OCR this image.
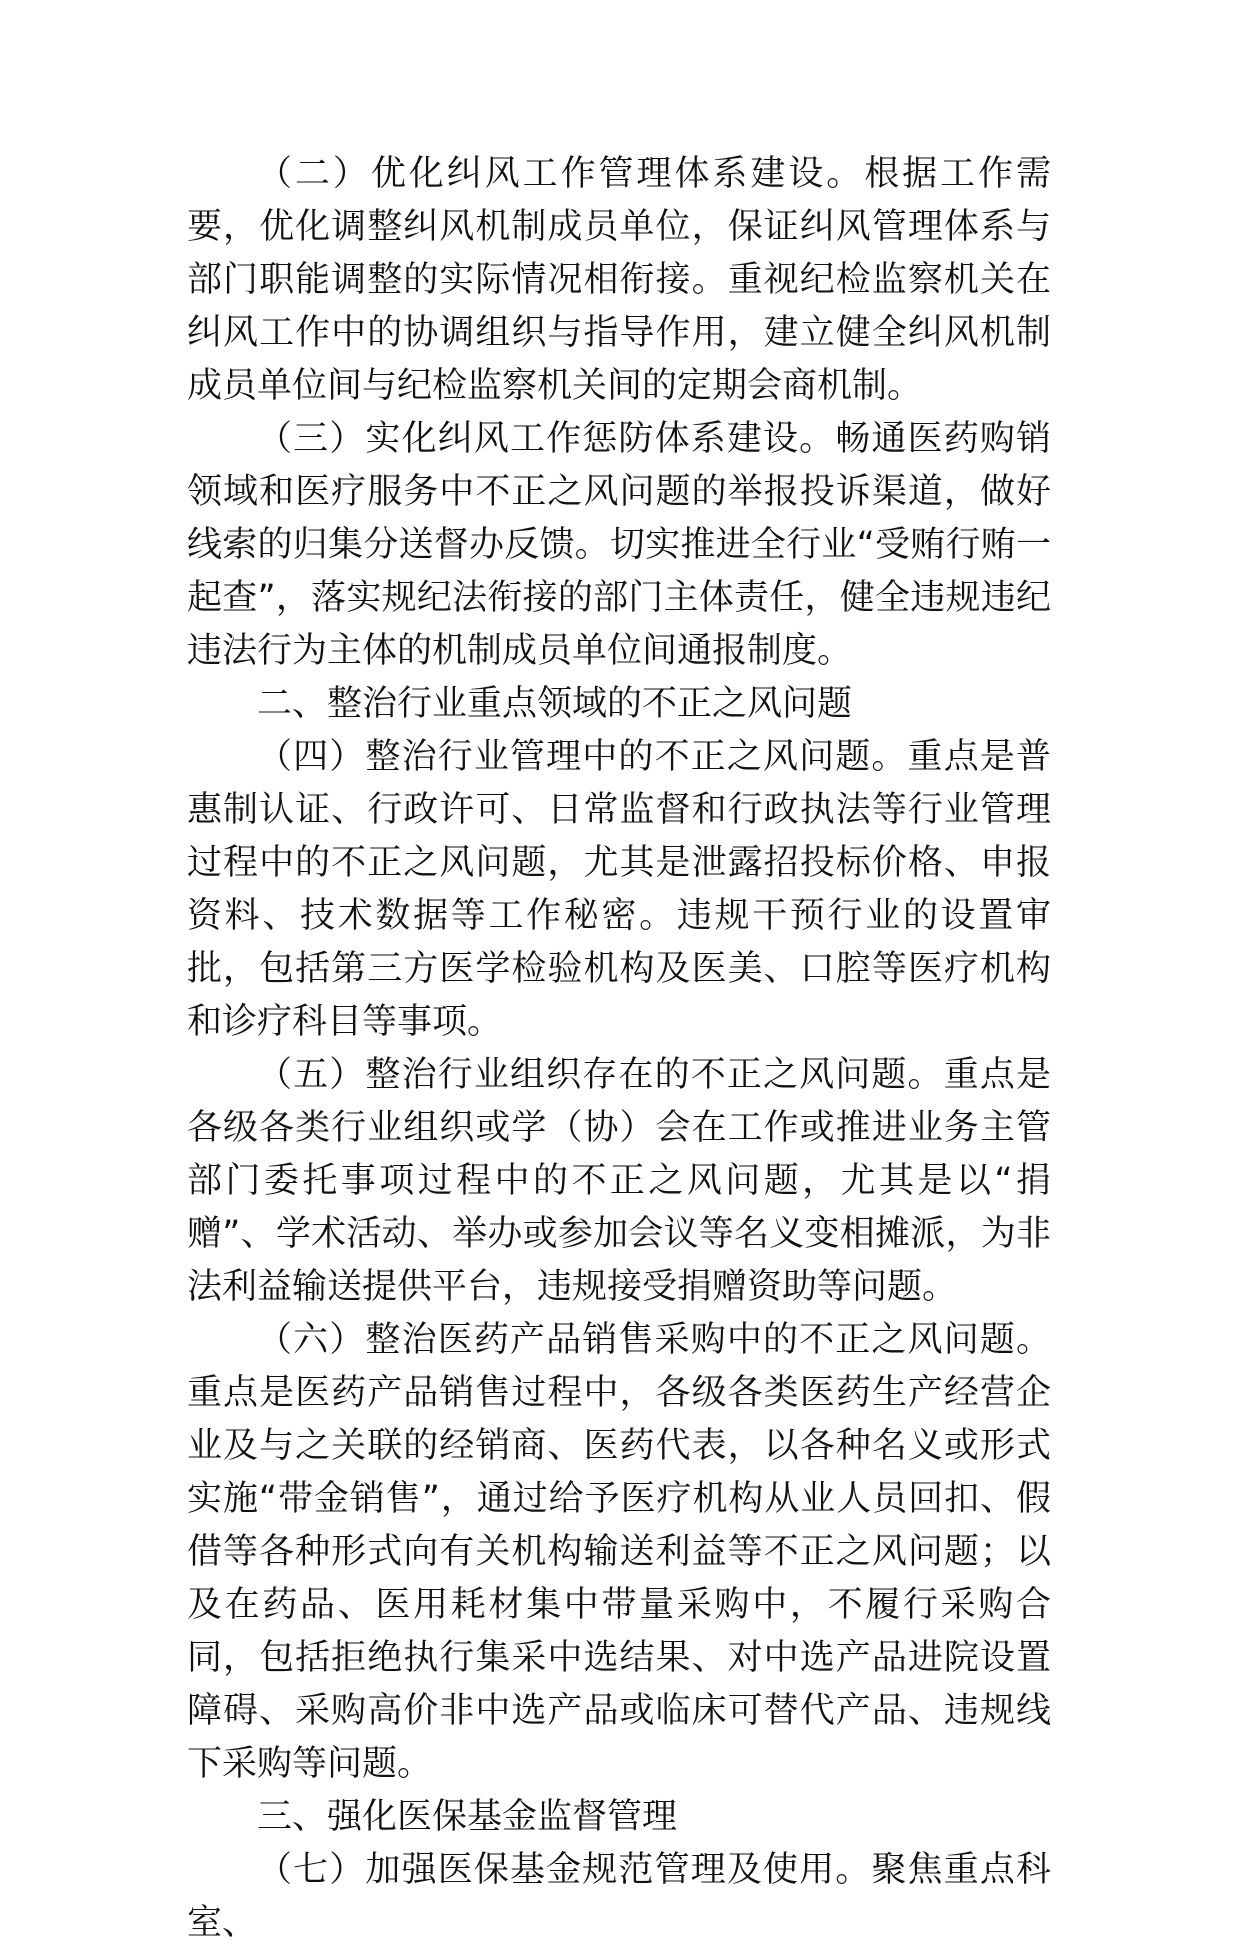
（二）优化纠风工作管理体系建设。根据工作需要，优化调整纠风机制成员单位，保证纠风管理体系与部门职能调整的实际情况相衔接。重视纪检监察机关在纠风工作中的协调组织与指导作用，建立健全纠风机制成员单位间与纪检监察机关间的定期会商机制。

（三）实化纠风工作惩防体系建设。畅通医药购销领域和医疗服务中不正之风问题的举报投诉渠道，做好线索的归集分送督办反馈。切实推进全行业“受贿行贿一起查”，落实规纪法衔接的部门主体责任，健全违规违纪违法行为主体的机制成员单位间通报制度。

二、整治行业重点领域的不正之风问题

（四）整治行业管理中的不正之风问题。重点是普惠制认证、行政许可、日常监督和行政执法等行业管理过程中的不正之风问题，尤其是泄露招投标价格、申报资料、技术数据等工作秘密。违规干预行业的设置审批，包括第三方医学检验机构及医美、口腔等医疗机构和诊疗科目等事项。

（五）整治行业组织存在的不正之风问题。重点是各级各类行业组织或学（协）会在工作或推进业务主管部门委托事项过程中的不正之风问题，尤其是以“捐赠”、学术活动、举办或参加会议等名义变相摊派，为非法利益输送提供平台，违规接受捐赠资助等问题。

（六）整治医药产品销售采购中的不正之风问题。重点是医药产品销售过程中，各级各类医药生产经营企业及与之关联的经销商、医药代表，以各种名义或形式实施“带金销售”，通过给予医疗机构从业人员回扣、假借等各种形式向有关机构输送利益等不正之风问题；以及在药品、医用耗材集中带量采购中，不履行采购合同，包括拒绝执行集采中选结果、对中选产品进院设置障碍、采购高价非中选产品或临床可替代产品、违规线下采购等问题。

三、强化医保基金监督管理

（七）加强医保基金规范管理及使用。聚焦重点科室、
